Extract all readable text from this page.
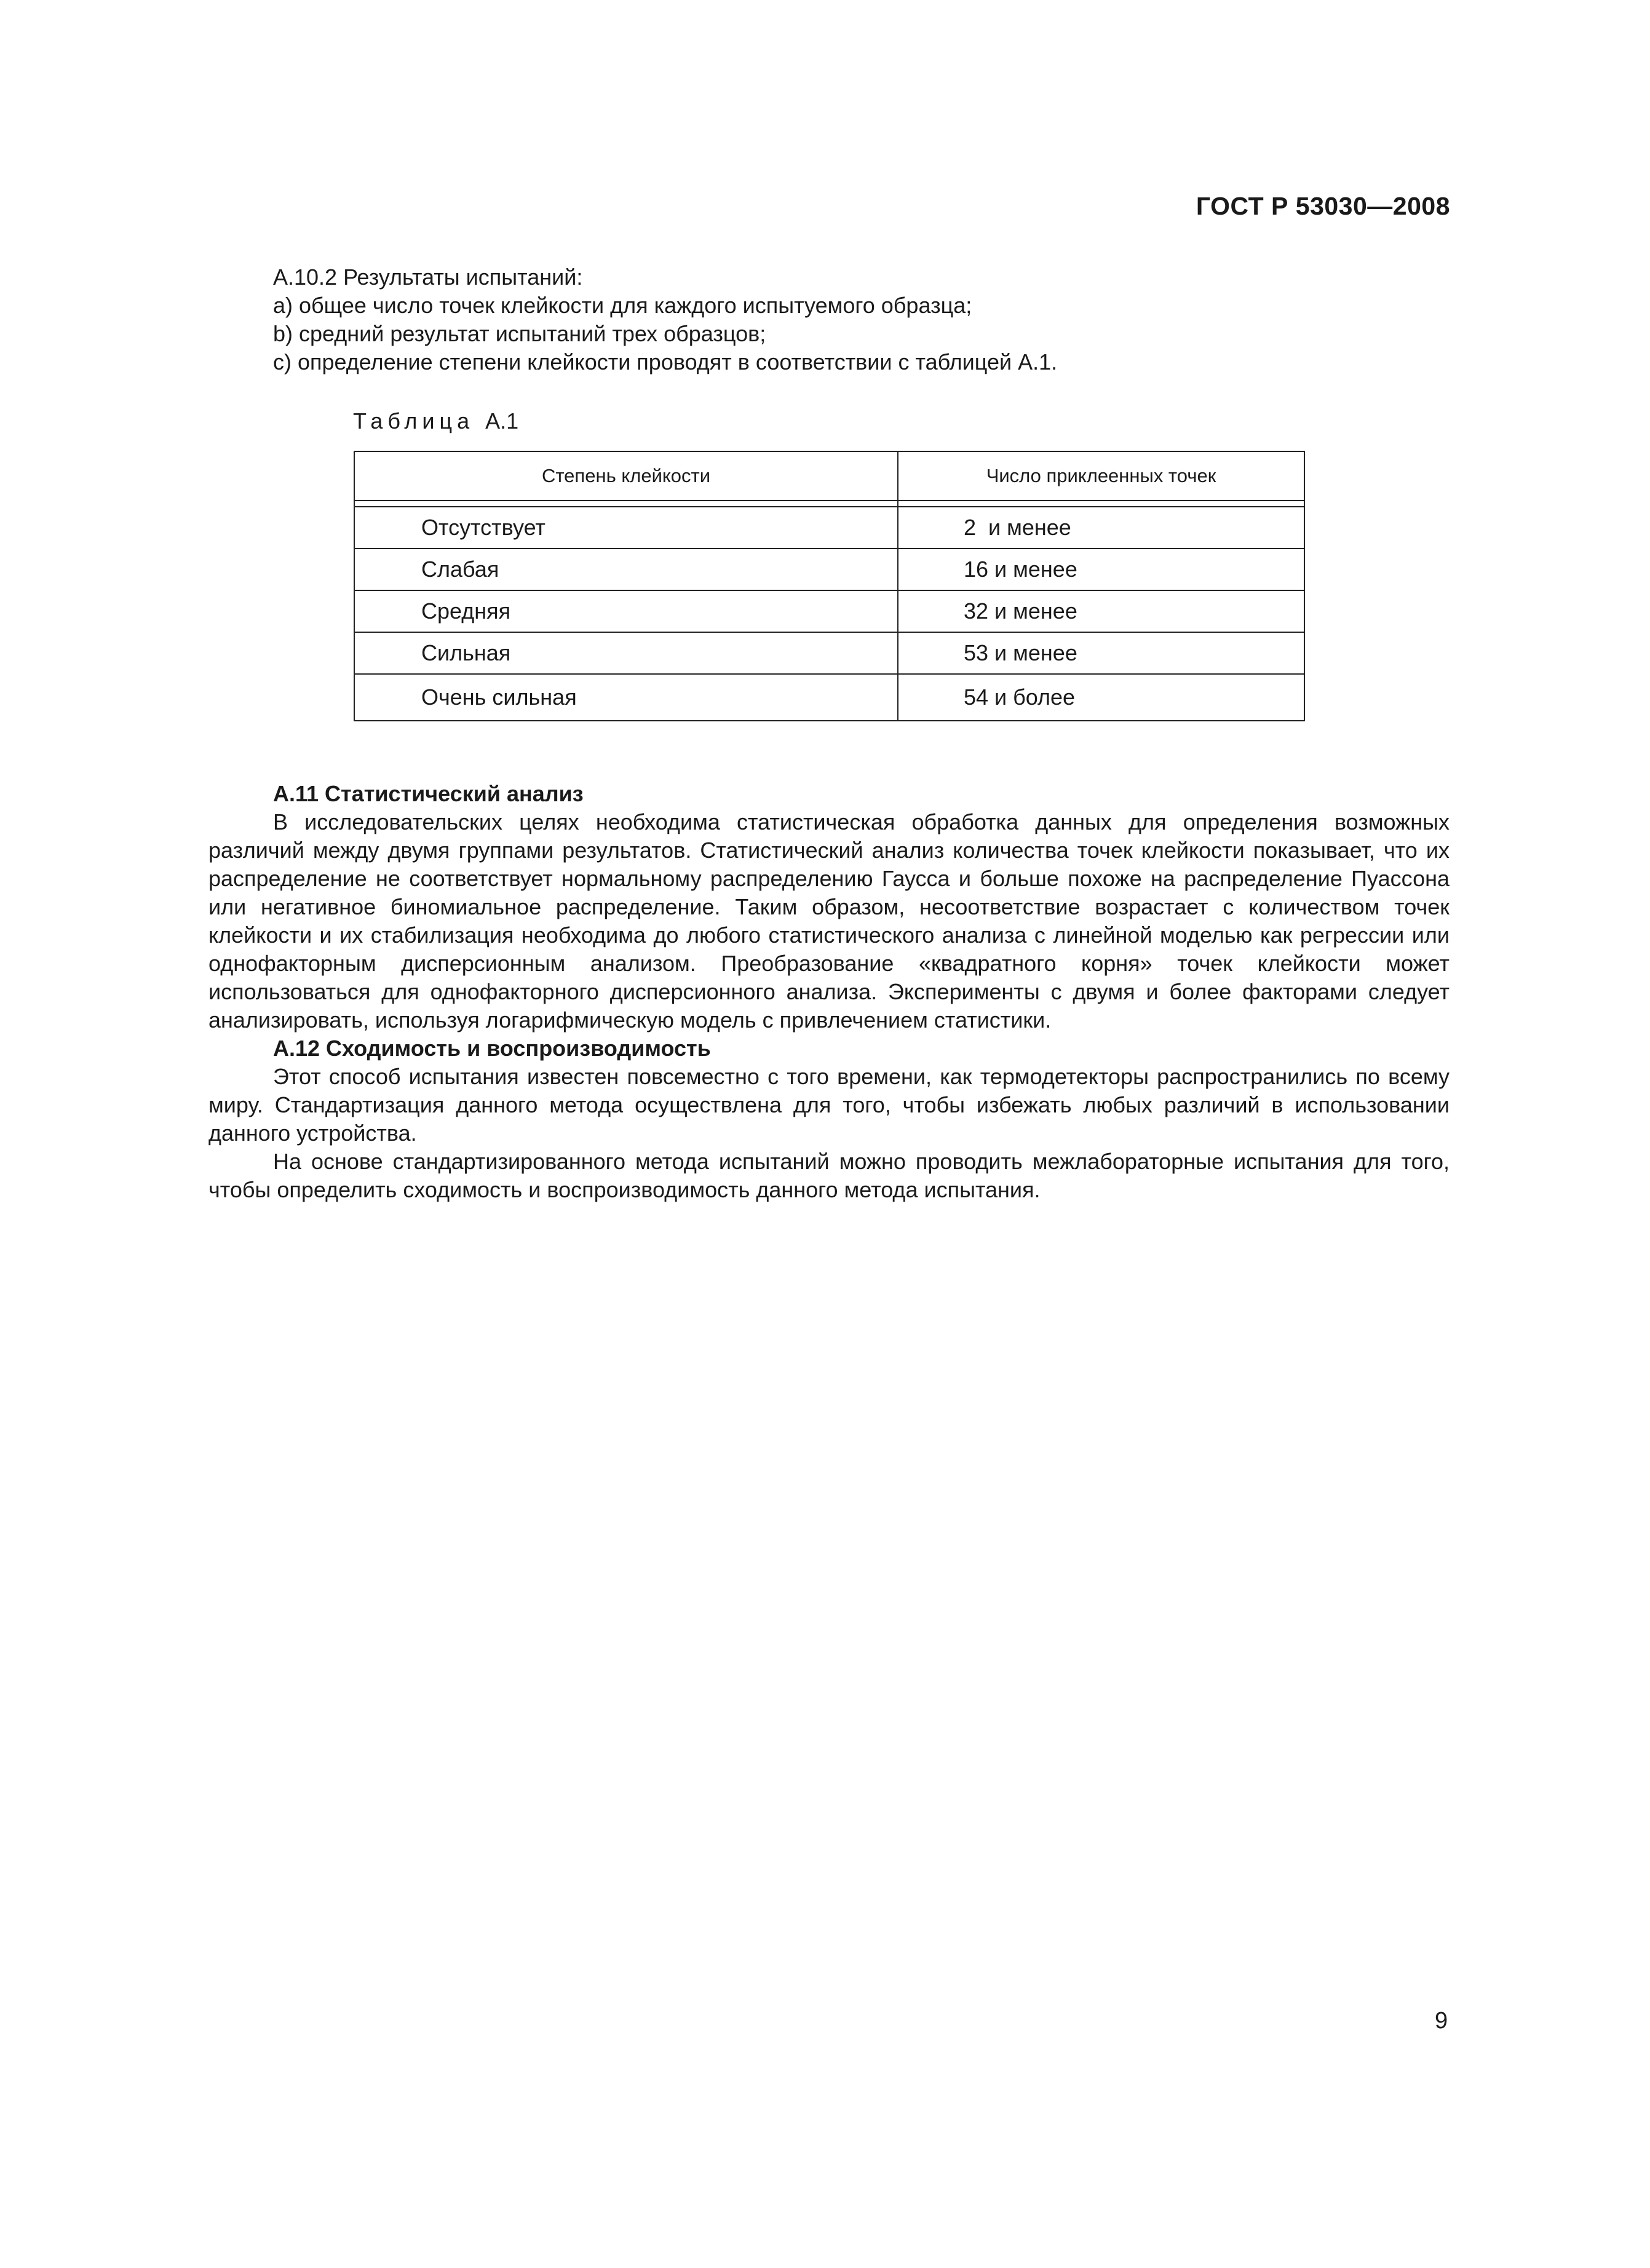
ГОСТ Р 53030—2008
А.10.2 Результаты испытаний:
а) общее число точек клейкости для каждого испытуемого образца;
b) средний результат испытаний трех образцов;
c) определение степени клейкости проводят в соответствии с таблицей А.1.
Таблица А.1
Степень клейкости	Число приклеенных точек

Отсутствует	2  и менее
Слабая	16 и менее
Средняя	32 и менее
Сильная	53 и менее
Очень сильная	54 и более
А.11 Статистический анализ

В исследовательских целях необходима статистическая обработка данных для определения возможных различий между двумя группами результатов. Статистический анализ количества точек клейкости показывает, что их распределение не соответствует нормальному распределению Гаусса и больше похоже на распределение Пуассона или негативное биномиальное распределение. Таким образом, несоответствие возрастает с количеством точек клейкости и их стабилизация необходима до любого статистического анализа с линейной моделью как регрессии или однофакторным дисперсионным анализом. Преобразование «квадратного корня» точек клейкости может использоваться для однофакторного дисперсионного анализа. Эксперименты с двумя и более факторами следует анализировать, используя логарифмическую модель с привлечением статистики.

А.12 Сходимость и воспроизводимость

Этот способ испытания известен повсеместно с того времени, как термодетекторы распространились по всему миру. Стандартизация данного метода осуществлена для того, чтобы избежать любых различий в использовании данного устройства.

На основе стандартизированного метода испытаний можно проводить межлабораторные испытания для того, чтобы определить сходимость и воспроизводимость данного метода испытания.

9
